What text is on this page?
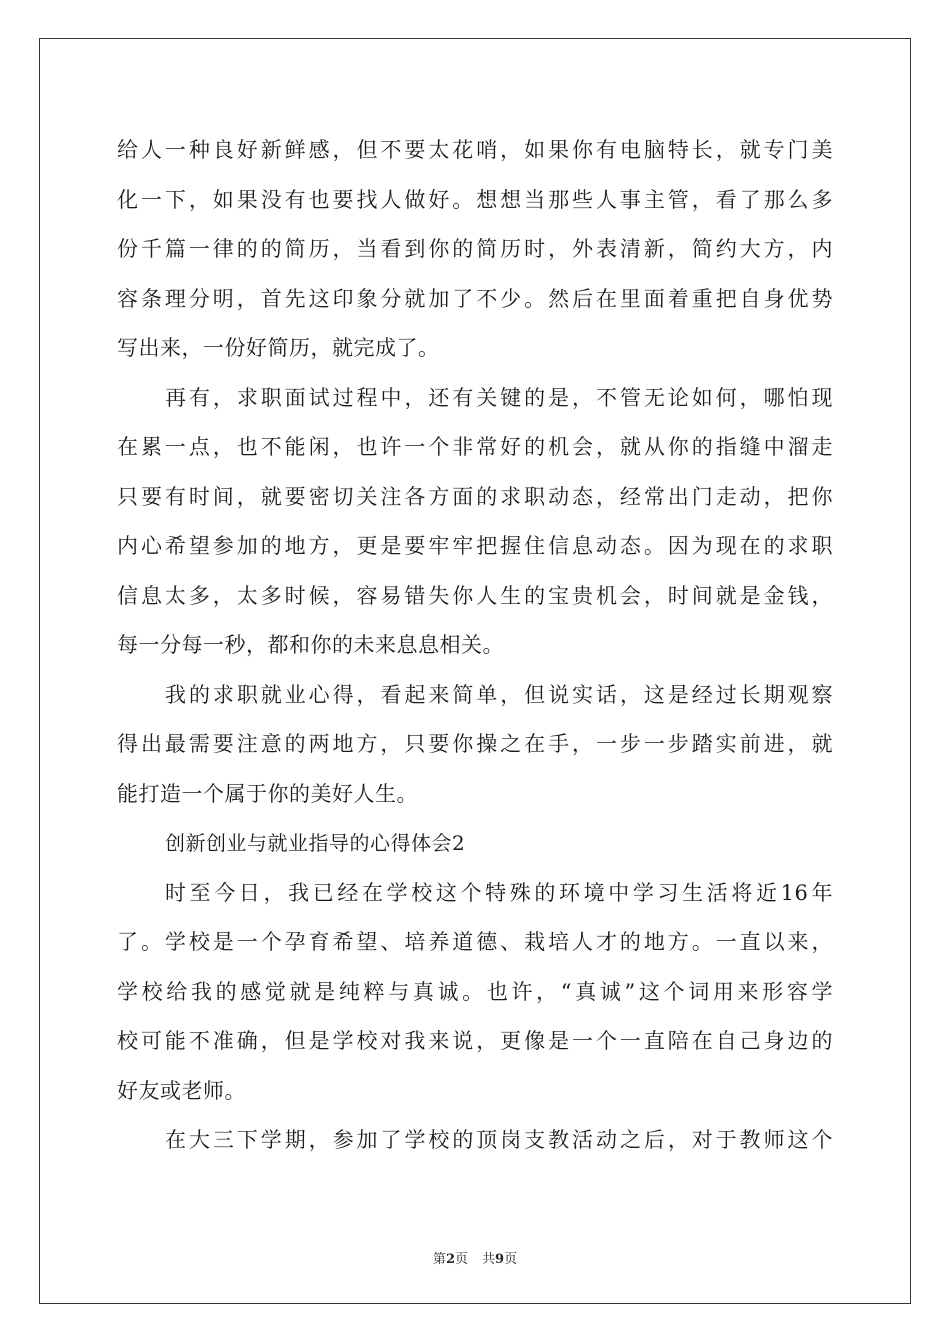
给人一种良好新鲜感，但不要太花哨，如果你有电脑特长，就专门美
化一下，如果没有也要找人做好。想想当那些人事主管，看了那么多
份千篇一律的的简历，当看到你的简历时，外表清新，简约大方，内
容条理分明，首先这印象分就加了不少。然后在里面着重把自身优势
写出来，一份好简历，就完成了。
再有，求职面试过程中，还有关键的是，不管无论如何，哪怕现
在累一点，也不能闲，也许一个非常好的机会，就从你的指缝中溜走
只要有时间，就要密切关注各方面的求职动态，经常出门走动，把你
内心希望参加的地方，更是要牢牢把握住信息动态。因为现在的求职
信息太多，太多时候，容易错失你人生的宝贵机会，时间就是金钱，
每一分每一秒，都和你的未来息息相关。
我的求职就业心得，看起来简单，但说实话，这是经过长期观察
得出最需要注意的两地方，只要你操之在手，一步一步踏实前进，就
能打造一个属于你的美好人生。
创新创业与就业指导的心得体会2
时至今日，我已经在学校这个特殊的环境中学习生活将近16年
了。学校是一个孕育希望、培养道德、栽培人才的地方。一直以来，
学校给我的感觉就是纯粹与真诚。也许，“真诚”这个词用来形容学
校可能不准确，但是学校对我来说，更像是一个一直陪在自己身边的
好友或老师。
在大三下学期，参加了学校的顶岗支教活动之后，对于教师这个
第2页 共9页
